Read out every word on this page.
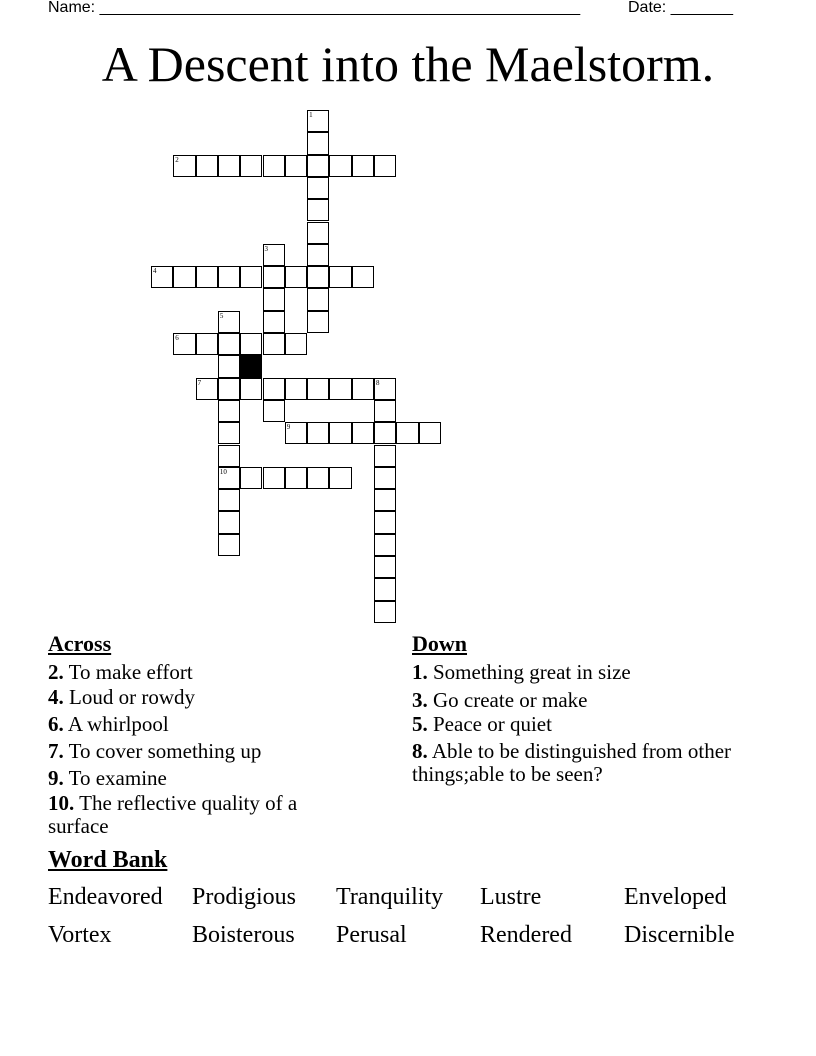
Name: ______________________________________________________	Date: _______
A Descent into the Maelstorm.
1
2
3
4
5
10
6
7	8
9
Across
2. To make effort
4. Loud or rowdy
6. A whirlpool
7. To cover something up
9. To examine
10. The reflective quality of a surface
Down
1. Something great in size
3. Go create or make
5. Peace or quiet
8. Able to be distinguished from other things;able to be seen?
Word Bank
Endeavored Prodigious Tranquility Lustre	Enveloped
Vortex	Boisterous Perusal	Rendered Discernible
